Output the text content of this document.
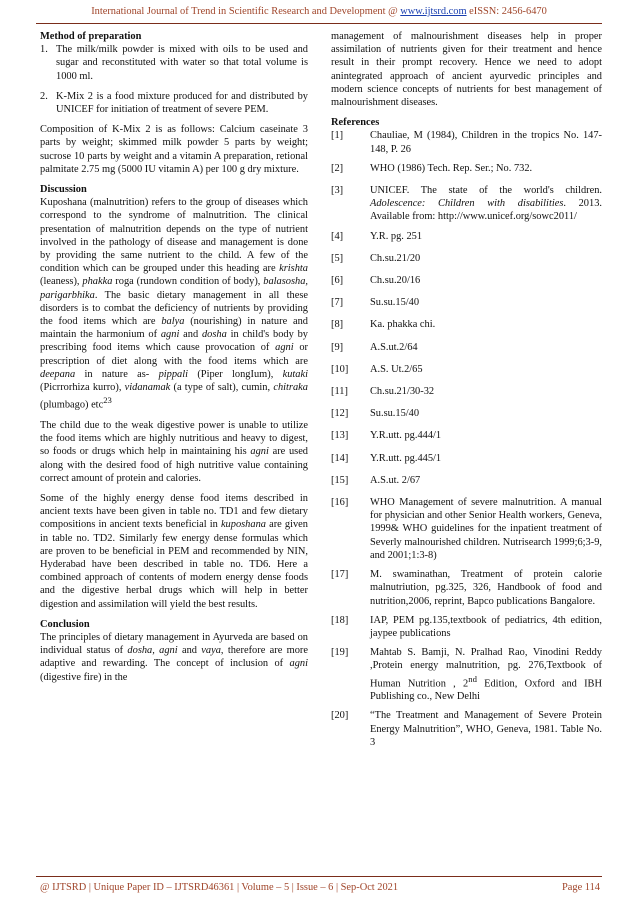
International Journal of Trend in Scientific Research and Development @ www.ijtsrd.com eISSN: 2456-6470

Method of preparation

1. The milk/milk powder is mixed with oils to be used and sugar and reconstituted with water so that total volume is 1000 ml.
2. K-Mix 2 is a food mixture produced for and distributed by UNICEF for initiation of treatment of severe PEM.

Composition of K-Mix 2 is as follows: Calcium caseinate 3 parts by weight; skimmed milk powder 5 parts by weight; sucrose 10 parts by weight and a vitamin A preparation, retional palmitate 2.75 mg (5000 IU vitamin A) per 100 g dry mixture.

Discussion

Kuposhana (malnutrition) refers to the group of diseases which correspond to the syndrome of malnutrition. The clinical presentation of malnutrition depends on the type of nutrient involved in the pathology of disease and management is done by providing the same nutrient to the child. A few of the condition which can be grouped under this heading are krishta (leaness), phakka roga (rundown condition of body), balasosha, parigarbhika. The basic dietary management in all these disorders is to combat the deficiency of nutrients by providing the food items which are balya (nourishing) in nature and maintain the harmonium of agni and dosha in child's body by prescribing food items which cause provocation of agni or prescription of diet along with the food items which are deepana in nature as- pippali (Piper longIum), kutaki (Picrrorhiza kurro), vidanamak (a type of salt), cumin, chitraka (plumbago) etc$^{23}$

The child due to the weak digestive power is unable to utilize the food items which are highly nutritious and heavy to digest, so foods or drugs which help in maintaining his agni are used along with the desired food of high nutritive value containing correct amount of protein and calories.

Some of the highly energy dense food items described in ancient texts have been given in table no. TD1 and few dietary compositions in ancient texts beneficial in kuposhana are given in table no. TD2. Similarly few energy dense formulas which are proven to be beneficial in PEM and recommended by NIN, Hyderabad have been described in table no. TD6. Here a combined approach of contents of modern energy dense foods and the digestive herbal drugs which will help in better digestion and assimilation will yield the best results.

Conclusion

The principles of dietary management in Ayurveda are based on individual status of dosha, agni and vaya, therefore are more adaptive and rewarding. The concept of inclusion of agni (digestive fire) in the

management of malnourishment diseases help in proper assimilation of nutrients given for their treatment and hence result in their prompt recovery. Hence we need to adopt anintegrated approach of ancient ayurvedic principles and modern science concepts of nutrients for best management of malnourishment diseases.

References

[1]	Chauliae, M (1984), Children in the tropics No. 147-148, P. 26
[2]	WHO (1986) Tech. Rep. Ser.; No. 732.
[3]	UNICEF. The state of the world's children. Adolescence: Children with disabilities. 2013. Available from: http://www.unicef.org/sowc2011/
[4]	Y.R. pg. 251
[5]	Ch.su.21/20
[6]	Ch.su.20/16
[7]	Su.su.15/40
[8]	Ka. phakka chi.
[9]	A.S.ut.2/64
[10] A.S. Ut.2/65
[11] Ch.su.21/30-32
[12] Su.su.15/40
[13] Y.R.utt. pg.444/1
[14] Y.R.utt. pg.445/1
[15] A.S.ut. 2/67
[16] WHO Management of severe malnutrition. A manual for physician and other Senior Health workers, Geneva, 1999& WHO guidelines for the inpatient treatment of Severly malnourished children. Nutrisearch 1999;6;3-9, and 2001;1:3-8)
[17] M. swaminathan, Treatment of protein calorie malnutriution, pg.325, 326, Handbook of food and nutrition,2006, reprint, Bapco publications Bangalore.
[18] IAP, PEM pg.135,textbook of pediatrics, 4th edition, jaypee publications
[19] Mahtab S. Bamji, N. Pralhad Rao, Vinodini Reddy ,Protein energy malnutrition, pg. 276,Textbook of Human Nutrition , 2nd Edition, Oxford and IBH Publishing co., New Delhi
[20] “The Treatment and Management of Severe Protein Energy Malnutrition”, WHO, Geneva, 1981. Table No. 3
@ IJTSRD | Unique Paper ID – IJTSRD46361 | Volume – 5 | Issue – 6 | Sep-Oct 2021	Page 114
